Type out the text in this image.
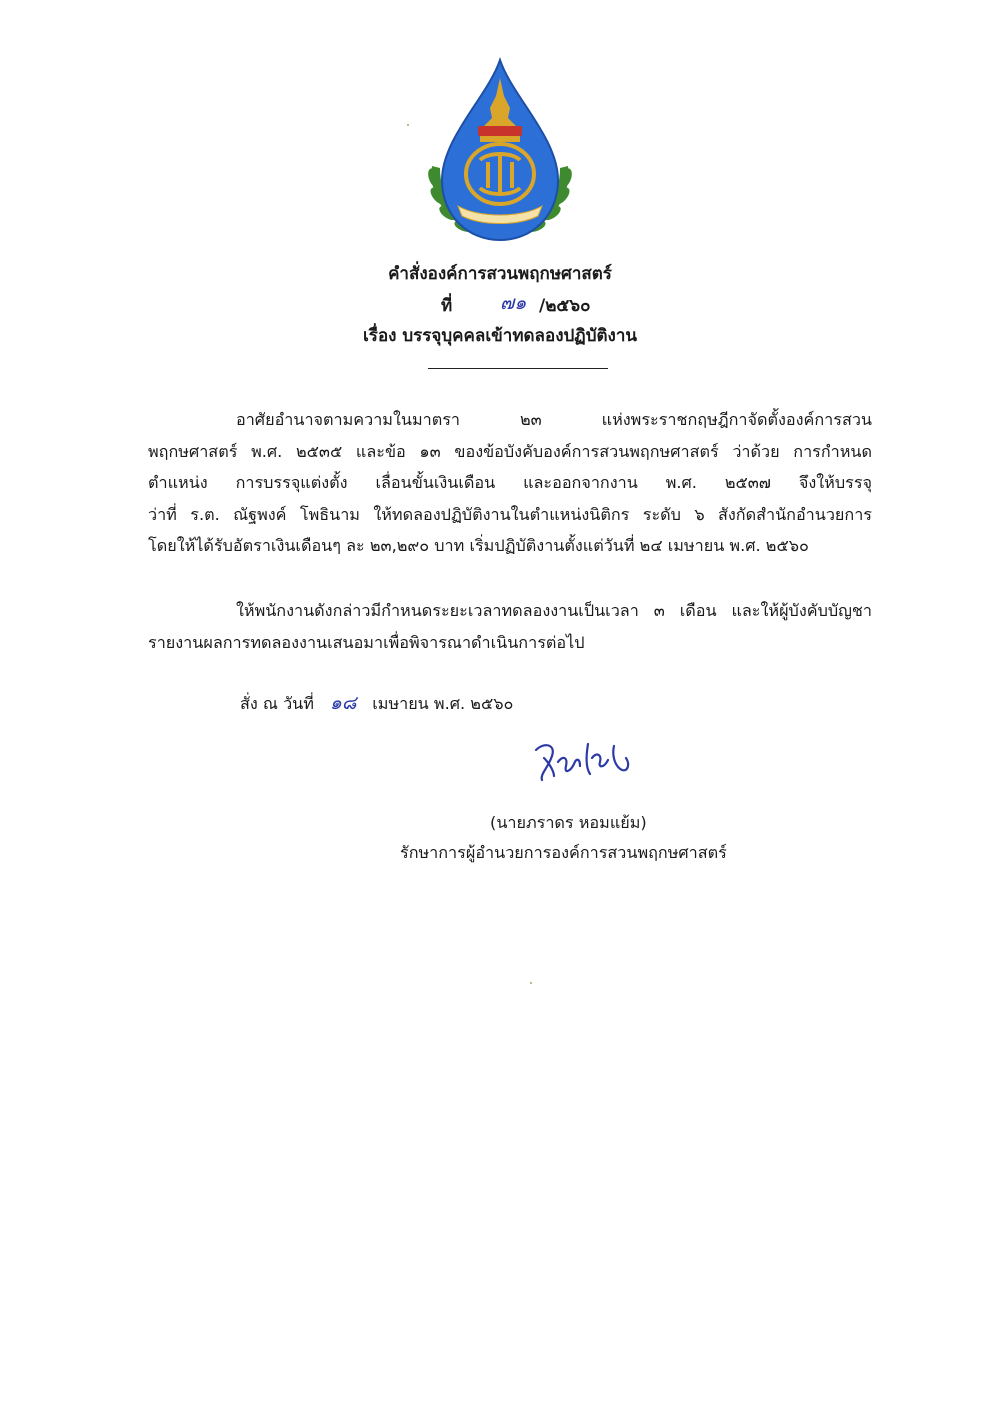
คำสั่งองค์การสวนพฤกษศาสตร์
ที่	๗๑ /๒๕๖๐
เรื่อง บรรจุบุคคลเข้าทดลองปฏิบัติงาน
อาศัยอำนาจตามความในมาตรา ๒๓ แห่งพระราชกฤษฎีกาจัดตั้งองค์การสวน
พฤกษศาสตร์ พ.ศ. ๒๕๓๕ และข้อ ๑๓ ของข้อบังคับองค์การสวนพฤกษศาสตร์ ว่าด้วย การกำหนด
ตำแหน่ง การบรรจุแต่งตั้ง เลื่อนขั้นเงินเดือน และออกจากงาน พ.ศ. ๒๕๓๗ จึงให้บรรจุ
ว่าที่ ร.ต. ณัฐพงค์ โพธินาม ให้ทดลองปฏิบัติงานในตำแหน่งนิติกร ระดับ ๖ สังกัดสำนักอำนวยการ
โดยให้ได้รับอัตราเงินเดือนๆ ละ ๒๓,๒๙๐ บาท เริ่มปฏิบัติงานตั้งแต่วันที่ ๒๔ เมษายน พ.ศ. ๒๕๖๐
ให้พนักงานดังกล่าวมีกำหนดระยะเวลาทดลองงานเป็นเวลา ๓ เดือน และให้ผู้บังคับบัญชา
รายงานผลการทดลองงานเสนอมาเพื่อพิจารณาดำเนินการต่อไป
สั่ง ณ วันที่ ๑๘ เมษายน พ.ศ. ๒๕๖๐
(นายภราดร หอมแย้ม)
รักษาการผู้อำนวยการองค์การสวนพฤกษศาสตร์
